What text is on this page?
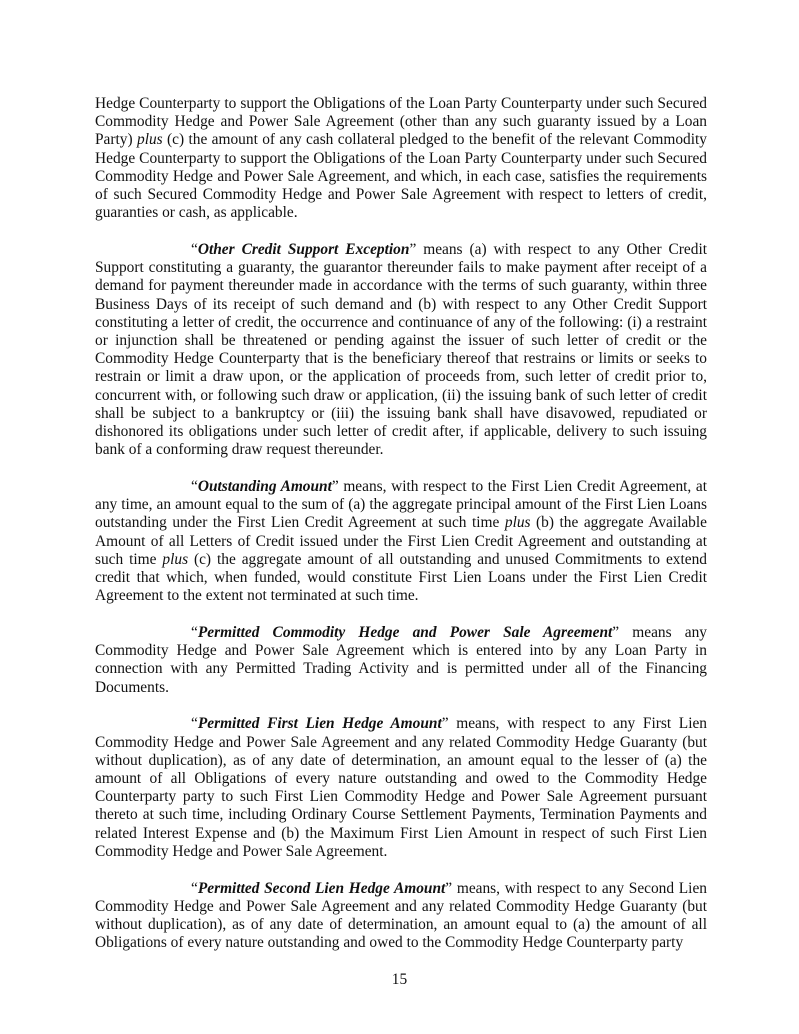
Hedge Counterparty to support the Obligations of the Loan Party Counterparty under such Secured Commodity Hedge and Power Sale Agreement (other than any such guaranty issued by a Loan Party) plus (c) the amount of any cash collateral pledged to the benefit of the relevant Commodity Hedge Counterparty to support the Obligations of the Loan Party Counterparty under such Secured Commodity Hedge and Power Sale Agreement, and which, in each case, satisfies the requirements of such Secured Commodity Hedge and Power Sale Agreement with respect to letters of credit, guaranties or cash, as applicable.

“Other Credit Support Exception” means (a) with respect to any Other Credit Support constituting a guaranty, the guarantor thereunder fails to make payment after receipt of a demand for payment thereunder made in accordance with the terms of such guaranty, within three Business Days of its receipt of such demand and (b) with respect to any Other Credit Support constituting a letter of credit, the occurrence and continuance of any of the following: (i) a restraint or injunction shall be threatened or pending against the issuer of such letter of credit or the Commodity Hedge Counterparty that is the beneficiary thereof that restrains or limits or seeks to restrain or limit a draw upon, or the application of proceeds from, such letter of credit prior to, concurrent with, or following such draw or application, (ii) the issuing bank of such letter of credit shall be subject to a bankruptcy or (iii) the issuing bank shall have disavowed, repudiated or dishonored its obligations under such letter of credit after, if applicable, delivery to such issuing bank of a conforming draw request thereunder.

“Outstanding Amount” means, with respect to the First Lien Credit Agreement, at any time, an amount equal to the sum of (a) the aggregate principal amount of the First Lien Loans outstanding under the First Lien Credit Agreement at such time plus (b) the aggregate Available Amount of all Letters of Credit issued under the First Lien Credit Agreement and outstanding at such time plus (c) the aggregate amount of all outstanding and unused Commitments to extend credit that which, when funded, would constitute First Lien Loans under the First Lien Credit Agreement to the extent not terminated at such time.

“Permitted Commodity Hedge and Power Sale Agreement” means any Commodity Hedge and Power Sale Agreement which is entered into by any Loan Party in connection with any Permitted Trading Activity and is permitted under all of the Financing Documents.

“Permitted First Lien Hedge Amount” means, with respect to any First Lien Commodity Hedge and Power Sale Agreement and any related Commodity Hedge Guaranty (but without duplication), as of any date of determination, an amount equal to the lesser of (a) the amount of all Obligations of every nature outstanding and owed to the Commodity Hedge Counterparty party to such First Lien Commodity Hedge and Power Sale Agreement pursuant thereto at such time, including Ordinary Course Settlement Payments, Termination Payments and related Interest Expense and (b) the Maximum First Lien Amount in respect of such First Lien Commodity Hedge and Power Sale Agreement.

“Permitted Second Lien Hedge Amount” means, with respect to any Second Lien Commodity Hedge and Power Sale Agreement and any related Commodity Hedge Guaranty (but without duplication), as of any date of determination, an amount equal to (a) the amount of all Obligations of every nature outstanding and owed to the Commodity Hedge Counterparty party

15
